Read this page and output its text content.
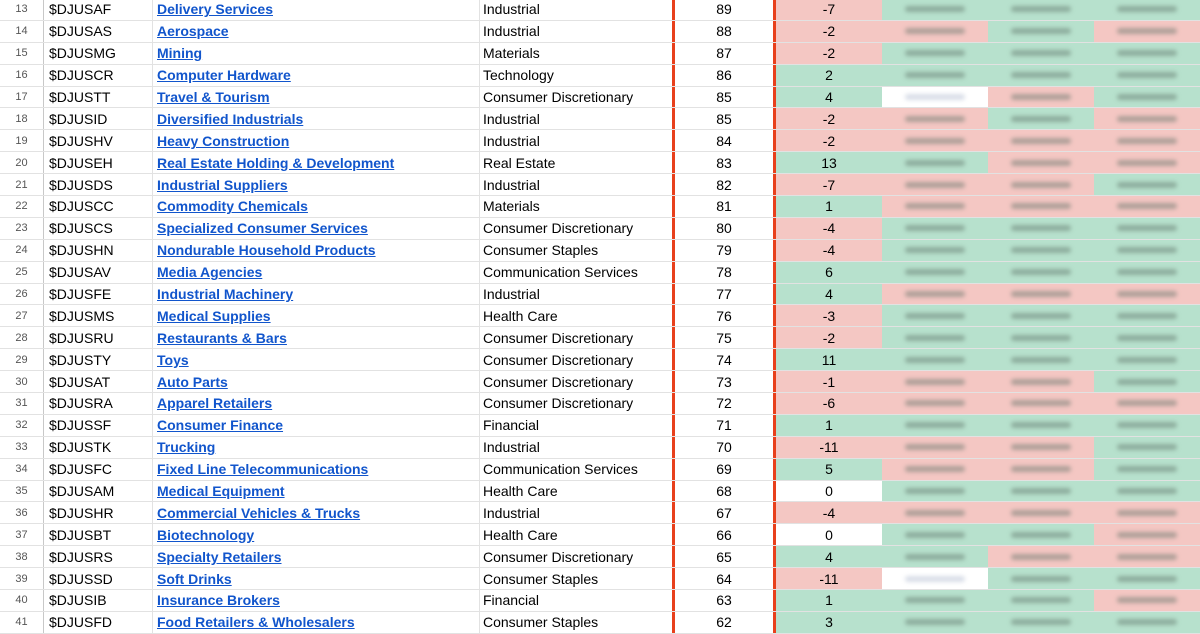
13	$DJUSAF	Delivery Services	Industrial	89	-7
14	$DJUSAS	Aerospace	Industrial	88	-2
15	$DJUSMG	Mining	Materials	87	-2
16	$DJUSCR	Computer Hardware	Technology	86	2
17	$DJUSTT	Travel & Tourism	Consumer Discretionary	85	4
18	$DJUSID	Diversified Industrials	Industrial	85	-2
19	$DJUSHV	Heavy Construction	Industrial	84	-2
20	$DJUSEH	Real Estate Holding & Development	Real Estate	83	13
21	$DJUSDS	Industrial Suppliers	Industrial	82	-7
22	$DJUSCC	Commodity Chemicals	Materials	81	1
23	$DJUSCS	Specialized Consumer Services	Consumer Discretionary	80	-4
24	$DJUSHN	Nondurable Household Products	Consumer Staples	79	-4
25	$DJUSAV	Media Agencies	Communication Services	78	6
26	$DJUSFE	Industrial Machinery	Industrial	77	4
27	$DJUSMS	Medical Supplies	Health Care	76	-3
28	$DJUSRU	Restaurants & Bars	Consumer Discretionary	75	-2
29	$DJUSTY	Toys	Consumer Discretionary	74	11
30	$DJUSAT	Auto Parts	Consumer Discretionary	73	-1
31	$DJUSRA	Apparel Retailers	Consumer Discretionary	72	-6
32	$DJUSSF	Consumer Finance	Financial	71	1
33	$DJUSTK	Trucking	Industrial	70	-11
34	$DJUSFC	Fixed Line Telecommunications	Communication Services	69	5
35	$DJUSAM	Medical Equipment	Health Care	68	0
36	$DJUSHR	Commercial Vehicles & Trucks	Industrial	67	-4
37	$DJUSBT	Biotechnology	Health Care	66	0
38	$DJUSRS	Specialty Retailers	Consumer Discretionary	65	4
39	$DJUSSD	Soft Drinks	Consumer Staples	64	-11
40	$DJUSIB	Insurance Brokers	Financial	63	1
41	$DJUSFD	Food Retailers & Wholesalers	Consumer Staples	62	3
